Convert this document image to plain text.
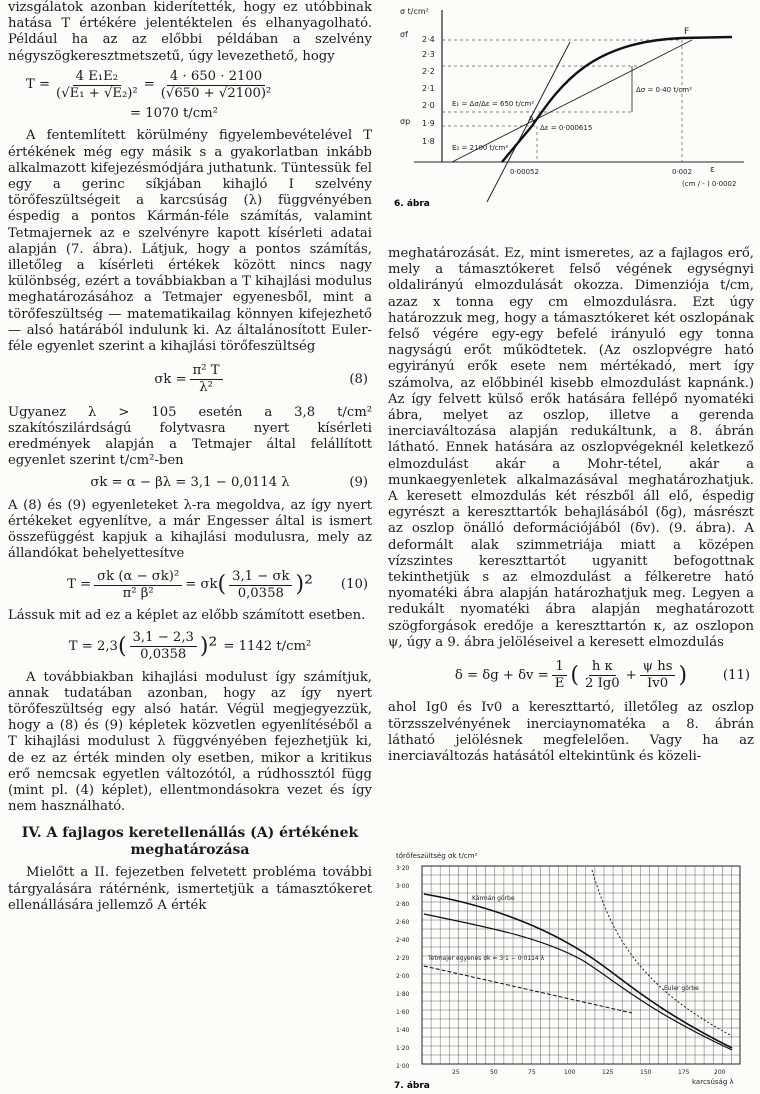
vizsgálatok azonban kiderítették, hogy ez utóbbinak hatása T értékére jelentéktelen és elhanyagolható. Például ha az az előbbi példában a szelvény négyszögkeresztmetszetű, úgy levezethető, hogy

$T = \frac{\text{4 E₁E₂}}{\text{(√E₁ + √E₂)²}} = \frac{4 \cdot 650 \cdot 2100}{\text{(√650 + √2100)²}}$
= 1070 t/cm²

A fentemlített körülmény figyelembevételével T értékének még egy másik s a gyakorlatban inkább alkalmazott kifejezésmódjára juthatunk. Tüntessük fel egy a gerinc síkjában kihajló I szelvény törőfeszültségeit a karcsúság (λ) függvényében éspedig a pontos Kármán-féle számítás, valamint Tetmajernek az e szelvényre kapott kísérleti adatai alapján (7. ábra). Látjuk, hogy a pontos számítás, illetőleg a kísérleti értékek között nincs nagy különbség, ezért a továbbiakban a T kihajlási modulus meghatározásához a Tetmajer egyenesből, mint a törőfeszültség — matematikailag könnyen kifejezhető — alsó határából indulunk ki. Az általánosított Euler-féle egyenlet szerint a kihajlási törőfeszültség

$\sigma k = \frac{\text{π² T}}{\text{λ²}}$	(8)

Ugyanez λ > 105 esetén a 3,8 t/cm² szakítószilárdságú folytvasra nyert kísérleti eredmények alapján a Tetmajer által felállított egyenlet szerint t/cm²-ben

σk = α − βλ = 3,1 − 0,0114 λ	(9)

A (8) és (9) egyenleteket λ-ra megoldva, az így nyert értékeket egyenlítve, a már Engesser által is ismert összefüggést kapjuk a kihajlási modulusra, mely az állandókat behelyettesítve

$T = \frac{\text{σk (α − σk)²}}{\text{π² β²}} = \sigma k$ ( $\frac{3,1 - \sigma k}{0,0358} )^2$ (10)

Lássuk mit ad ez a képlet az előbb számított esetben.

T = 2,3 ( $\frac{3,1 - 2,3}{0,0358} )^2 = 1142$ t/cm²

A továbbiakban kihajlási modulust így számítjuk, annak tudatában azonban, hogy az így nyert törőfeszültség egy alsó határ. Végül megjegyezzük, hogy a (8) és (9) képletek közvetlen egyenlítéséből a T kihajlási modulust λ függvényében fejezhetjük ki, de ez az érték minden oly esetben, mikor a kritikus erő nemcsak egyetlen változótól, a rúdhossztól függ (mint pl. (4) képlet), ellentmondásokra vezet és így nem használható.

IV. A fajlagos keretellenállás (A) értékének meghatározása

Mielőtt a II. fejezetben felvetett probléma további tárgyalására rátérnénk, ismertetjük a támasztókeret ellenállására jellemző A érték

σ t/cm²
σf
2·4
2·3
2·2
2·1
2·0
σp 1·9
1·8
Δσ = 0·40 t/cm²
E₁ = Δσ/Δε = 650 t/cm²
E₂ = 2100 t/cm²
Δε = 0·000615
A
F
0·00052	0·002 ε
(cm / - ) 0·0002
6. ábra

meghatározását. Ez, mint ismeretes, az a fajlagos erő, mely a támasztókeret felső végének egységnyi oldalirányú elmozdulását okozza. Dimenziója t/cm, azaz x tonna egy cm elmozdulásra. Ezt úgy határozzuk meg, hogy a támasztókeret két oszlopának felső végére egy-egy befelé irányuló egy tonna nagyságú erőt működtetek. (Az oszlopvégre ható egyirányú erők esete nem mértékadó, mert így számolva, az előbbinél kisebb elmozdulást kapnánk.) Az így felvett külső erők hatására fellépő nyomatéki ábra, melyet az oszlop, illetve a gerenda inerciaváltozása alapján redukáltunk, a 8. ábrán látható. Ennek hatására az oszlopvégeknél keletkező elmozdulást akár a Mohr-tétel, akár a munkaegyenletek alkalmazásával meghatározhatjuk. A keresett elmozdulás két részből áll elő, éspedig egyrészt a kereszttartók behajlásából (δg), másrészt az oszlop önálló deformációjából (δv). (9. ábra). A deformált alak szimmetriája miatt a középen vízszintes kereszttartót ugyanitt befogottnak tekinthetjük s az elmozdulást a félkeretre ható nyomatéki ábra alapján határozhatjuk meg. Legyen a redukált nyomatéki ábra alapján meghatározott szögforgások eredője a kereszttartón κ, az oszlopon ψ, úgy a 9. ábra jelöléseivel a keresett elmozdulás

$\delta = \delta g + \delta v = \frac{1}{E}$ ( $\frac{\text{h κ}}{2 Ig0} + \frac{\text{ψ hs}}{Iv0}$ )	(11)

ahol Ig0 és Iv0 a kereszttartó, illetőleg az oszlop törzsszelvényének inerciaynomatéka a 8. ábrán látható jelölésnek megfelelően. Vagy ha az inerciaváltozás hatásától eltekintünk és közeli-

törőfeszültség σk t/cm²
3·20
3·00
2·80
2·60
2·40
2·20
2·00
1·80
1·60
1·40
1·20
1·00
25	50	75	100	125	150	175	200
Kármán görbe
Tetmajer egyenes σk = 3·1 − 0·0114 λ
Euler görbe
karcsúság λ
7. ábra
